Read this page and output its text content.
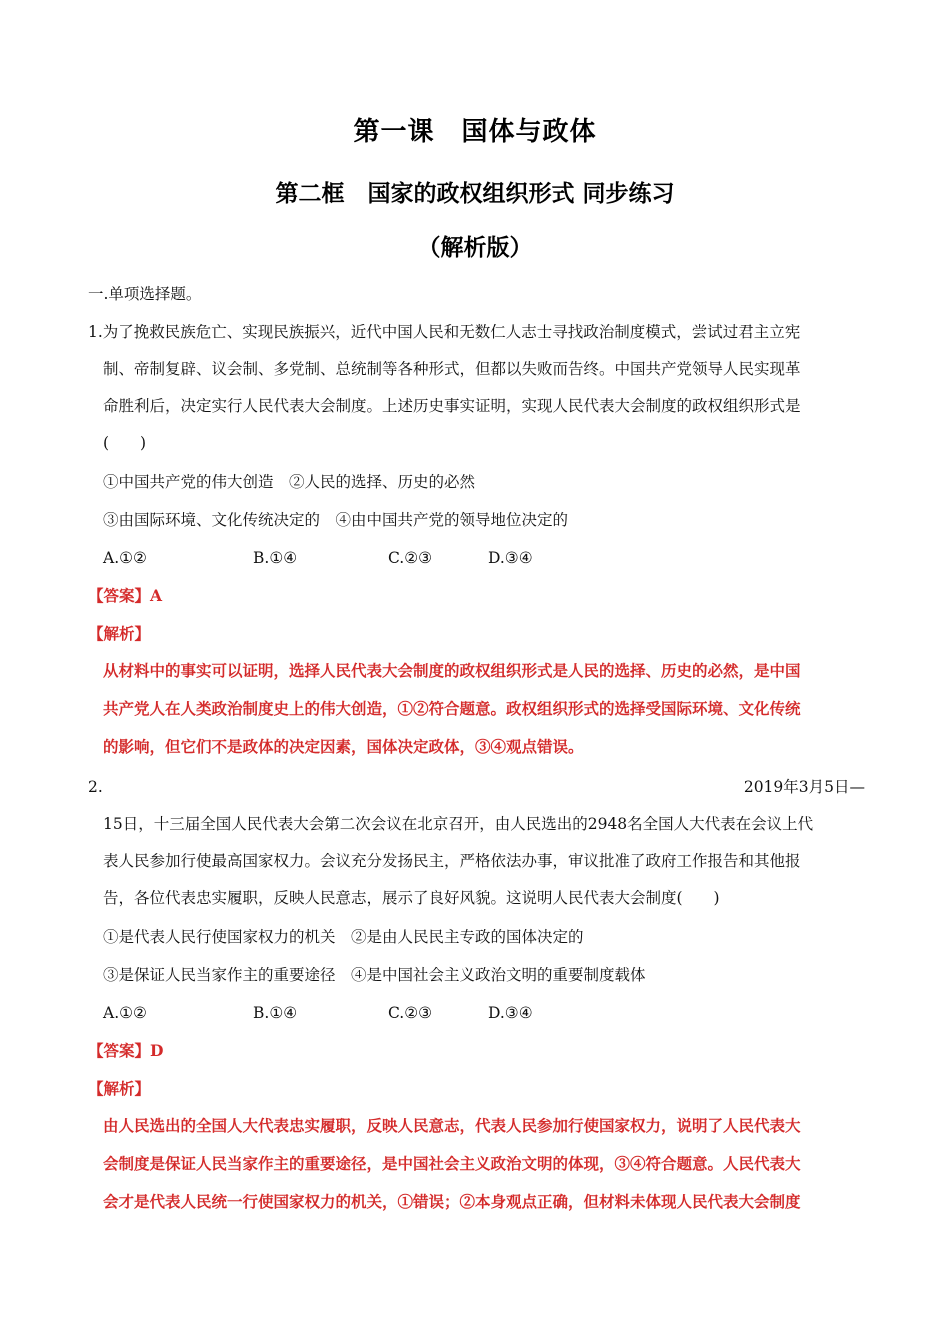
第一课　国体与政体
第二框　国家的政权组织形式 同步练习
（解析版）
一.单项选择题。
1.为了挽救民族危亡、实现民族振兴，近代中国人民和无数仁人志士寻找政治制度模式，尝试过君主立宪
制、帝制复辟、议会制、多党制、总统制等各种形式，但都以失败而告终。中国共产党领导人民实现革
命胜利后，决定实行人民代表大会制度。上述历史事实证明，实现人民代表大会制度的政权组织形式是
(　　)
①中国共产党的伟大创造　②人民的选择、历史的必然
③由国际环境、文化传统决定的　④由中国共产党的领导地位决定的
A.①②	B.①④	C.②③	D.③④
【答案】A
【解析】
从材料中的事实可以证明，选择人民代表大会制度的政权组织形式是人民的选择、历史的必然，是中国
共产党人在人类政治制度史上的伟大创造，①②符合题意。政权组织形式的选择受国际环境、文化传统
的影响，但它们不是政体的决定因素，国体决定政体，③④观点错误。
2.	2019年3月5日—
15日，十三届全国人民代表大会第二次会议在北京召开，由人民选出的2948名全国人大代表在会议上代
表人民参加行使最高国家权力。会议充分发扬民主，严格依法办事，审议批准了政府工作报告和其他报
告，各位代表忠实履职，反映人民意志，展示了良好风貌。这说明人民代表大会制度(　　)
①是代表人民行使国家权力的机关　②是由人民民主专政的国体决定的
③是保证人民当家作主的重要途径　④是中国社会主义政治文明的重要制度载体
A.①②	B.①④	C.②③	D.③④
【答案】D
【解析】
由人民选出的全国人大代表忠实履职，反映人民意志，代表人民参加行使国家权力，说明了人民代表大
会制度是保证人民当家作主的重要途径，是中国社会主义政治文明的体现，③④符合题意。人民代表大
会才是代表人民统一行使国家权力的机关，①错误；②本身观点正确，但材料未体现人民代表大会制度
